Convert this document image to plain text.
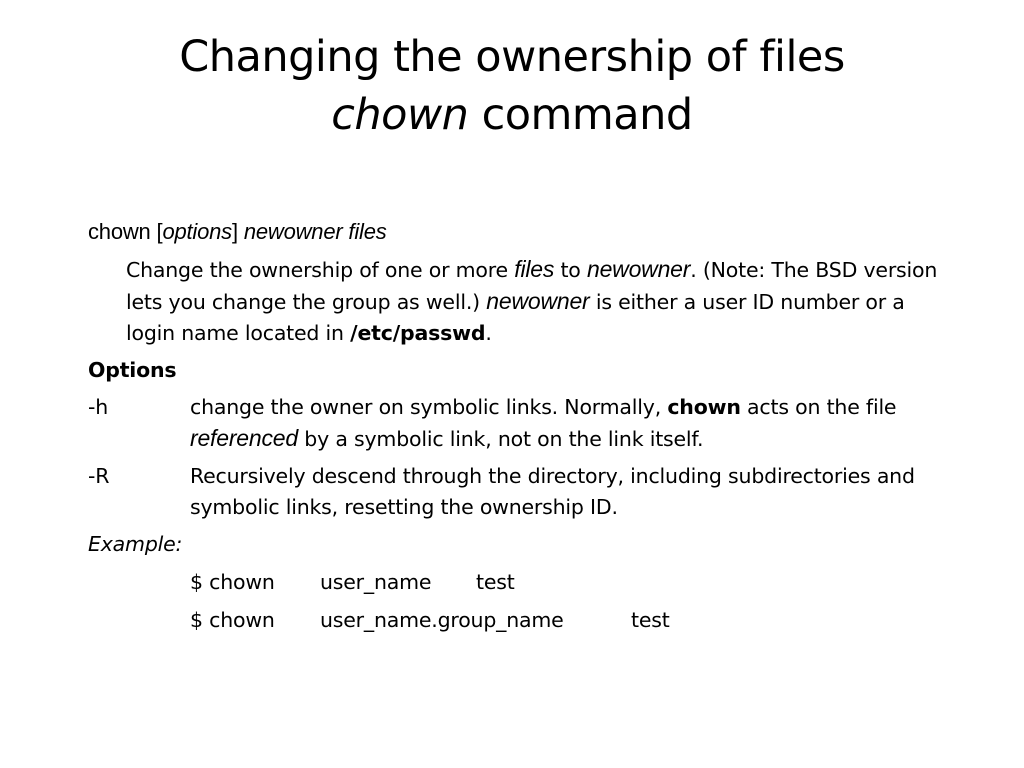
Changing the ownership of files
chown command
chown [options] newowner files
Change the ownership of one or more files to newowner. (Note: The BSD version lets you change the group as well.) newowner is either a user ID number or a login name located in /etc/passwd.
Options
-h	change the owner on symbolic links. Normally, chown acts on the file referenced by a symbolic link, not on the link itself.
-R	Recursively descend through the directory, including subdirectories and symbolic links, resetting the ownership ID.
Example:
$ chown user_name test
$ chown user_name.group_name	test
